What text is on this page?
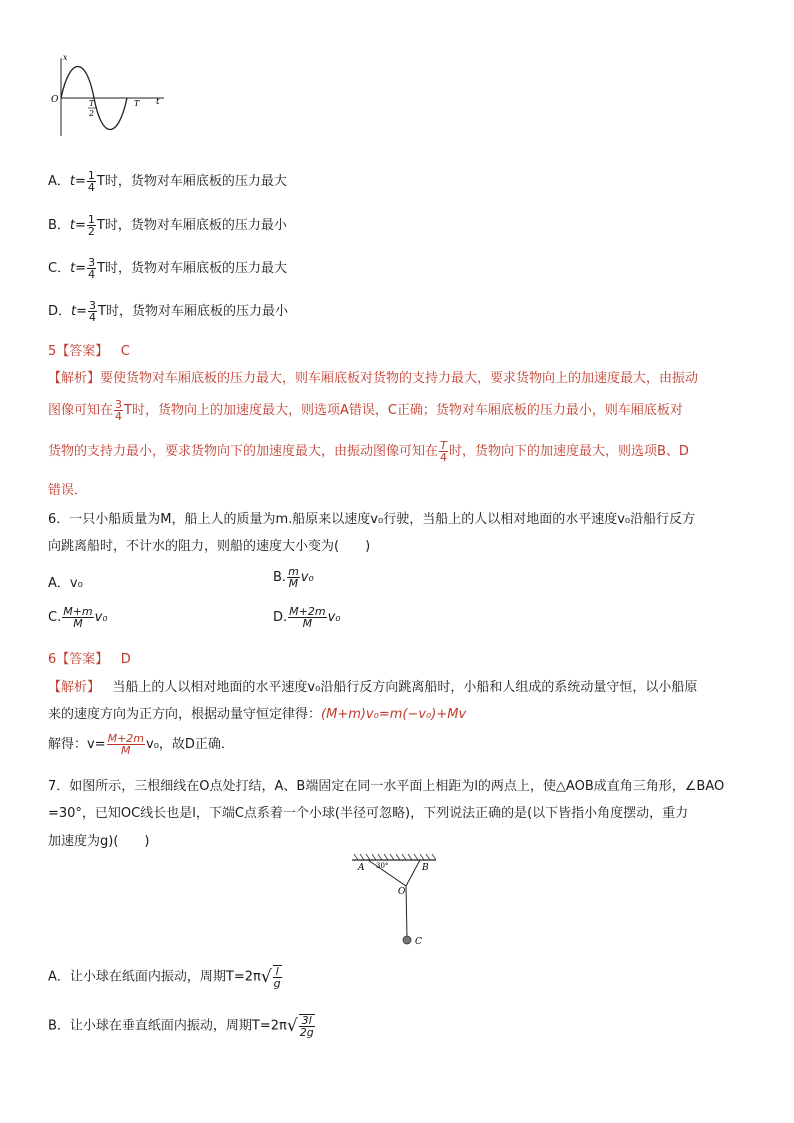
x
O	t
T
2
T
A．$t= \frac{1}{4}$ T时，货物对车厢底板的压力最大
B．$t= \frac{1}{2}$ T时，货物对车厢底板的压力最小
C．$t= \frac{3}{4}$ T时，货物对车厢底板的压力最大
D．$t= \frac{3}{4}$ T时，货物对车厢底板的压力最小
5【答案】 C
【解析】要使货物对车厢底板的压力最大，则车厢底板对货物的支持力最大，要求货物向上的加速度最大，由振动
图像可知在 $\frac{3}{4}$ T时，货物向上的加速度最大，则选项A错误，C正确；货物对车厢底板的压力最小，则车厢底板对
货物的支持力最小，要求货物向下的加速度最大，由振动图像可知在 $\frac{T}{4}$ 时，货物向下的加速度最大，则选项B、D
错误．
6．一只小船质量为M，船上人的质量为m.船原来以速度v₀行驶，当船上的人以相对地面的水平速度v₀沿船行反方
向跳离船时，不计水的阻力，则船的速度大小变为(　　)
A．v₀	B. $\frac{m}{M} v_0$
C. $\frac{M+m}{M} v_0$	D. $\frac{M+2m}{M} v_0$
6【答案】 D
【解析】 当船上的人以相对地面的水平速度v₀沿船行反方向跳离船时，小船和人组成的系统动量守恒，以小船原
来的速度方向为正方向，根据动量守恒定律得：(M+m)v₀=m(−v₀)+Mv
解得：$v= \frac{M+2m}{M} v_0$，故D正确．
7．如图所示，三根细线在O点处打结，A、B端固定在同一水平面上相距为l的两点上，使△AOB成直角三角形，∠BAO
=30°，已知OC线长也是l，下端C点系着一个小球(半径可忽略)，下列说法正确的是(以下皆指小角度摆动，重力
加速度为g)(　　)
A 30°	B
O
C
A．让小球在纸面内振动，周期$T=2\pi√ \frac{l}{g}$
B．让小球在垂直纸面内振动，周期$T=2\pi√ \frac{3l}{2g}$
